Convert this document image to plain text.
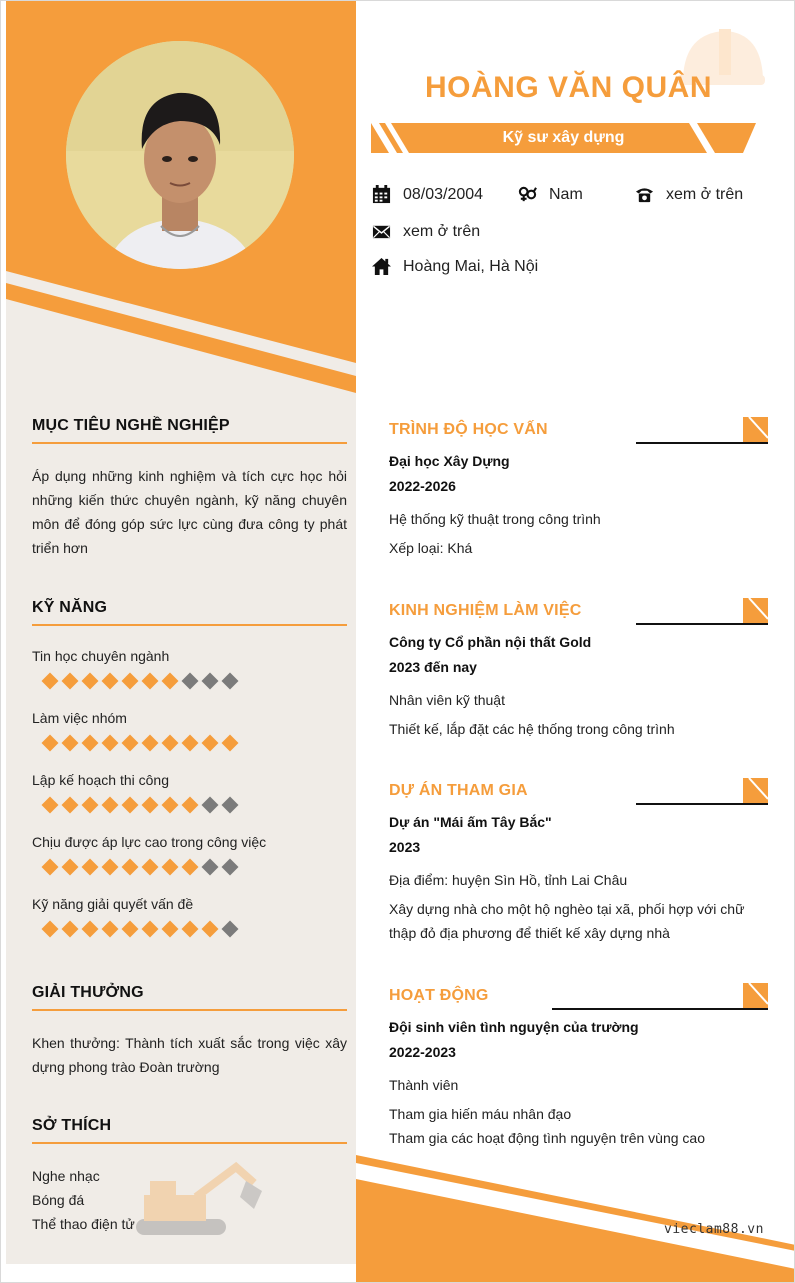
MỤC TIÊU NGHỀ NGHIỆP
Áp dụng những kinh nghiệm và tích cực học hỏi những kiến thức chuyên ngành, kỹ năng chuyên môn để đóng góp sức lực cùng đưa công ty phát triển hơn
KỸ NĂNG
Tin học chuyên ngành
Làm việc nhóm
Lập kế hoạch thi công
Chịu được áp lực cao trong công việc
Kỹ năng giải quyết vấn đề
GIẢI THƯỞNG
Khen thưởng: Thành tích xuất sắc trong việc xây dựng phong trào Đoàn trường
SỞ THÍCH
Nghe nhạc
Bóng đá
Thể thao điện tử
HOÀNG VĂN QUÂN
Kỹ sư xây dựng
08/03/2004	Nam	xem ở trên
xem ở trên
Hoàng Mai, Hà Nội
TRÌNH ĐỘ HỌC VẤN
Đại học Xây Dựng
2022-2026
Hệ thống kỹ thuật trong công trình
Xếp loại: Khá
KINH NGHIỆM LÀM VIỆC
Công ty Cổ phần nội thất Gold
2023 đến nay
Nhân viên kỹ thuật
Thiết kế, lắp đặt các hệ thống trong công trình
DỰ ÁN THAM GIA
Dự án "Mái ấm Tây Bắc"
2023
Địa điểm: huyện Sìn Hồ, tỉnh Lai Châu
Xây dựng nhà cho một hộ nghèo tại xã, phối hợp với chữ thập đỏ địa phương để thiết kế xây dựng nhà
HOẠT ĐỘNG
Đội sinh viên tình nguyện của trường
2022-2023
Thành viên
Tham gia hiến máu nhân đạo
Tham gia các hoạt động tình nguyện trên vùng cao
vieclam88.vn
